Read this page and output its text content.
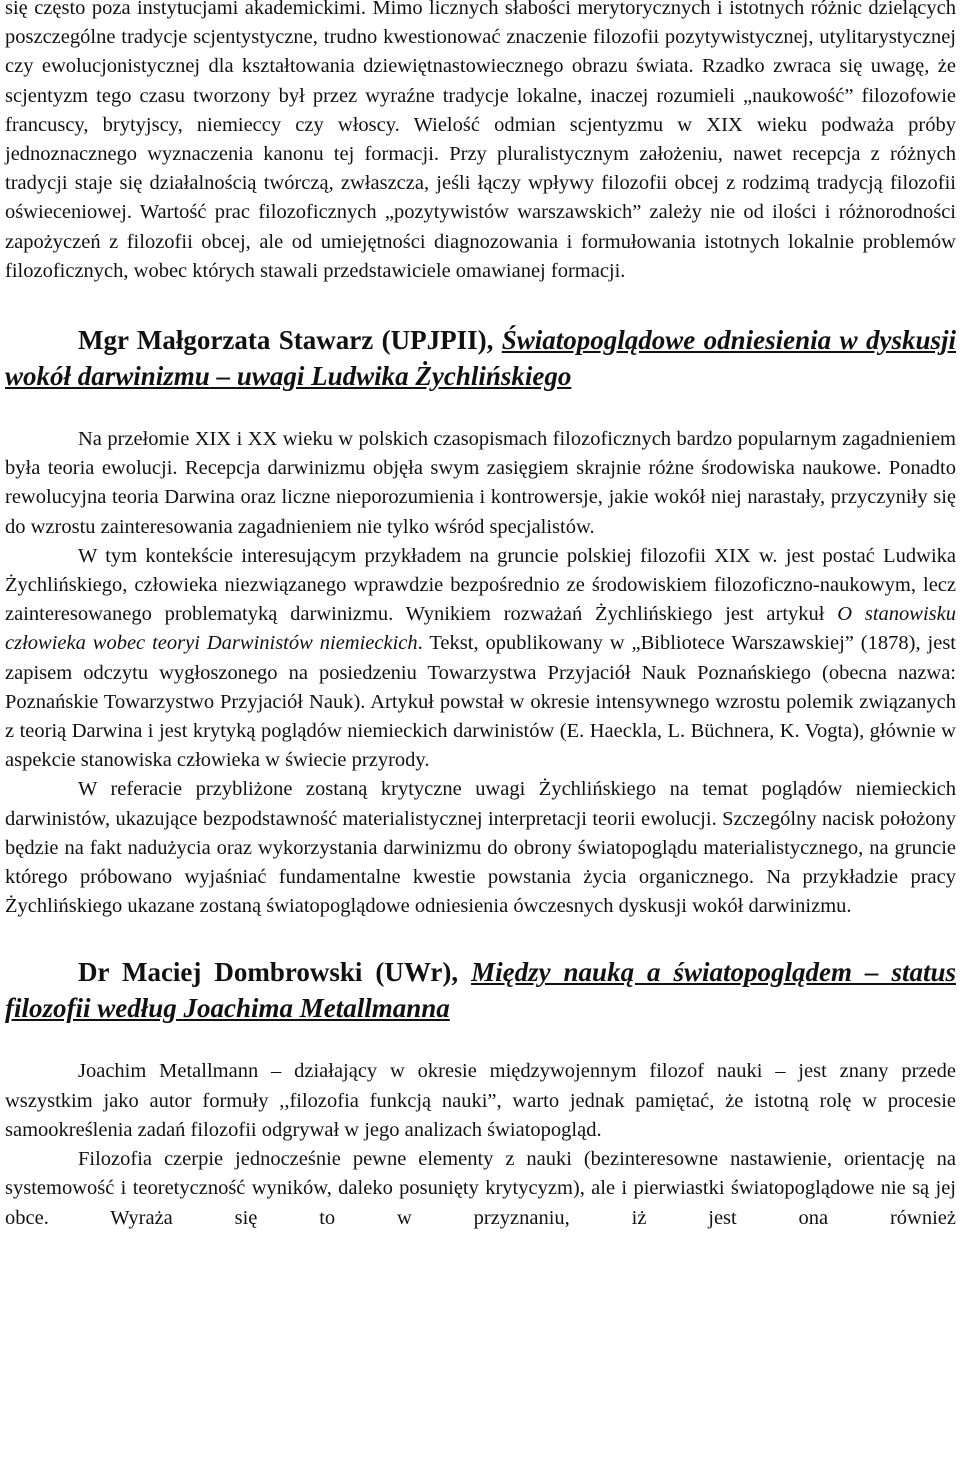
się często poza instytucjami akademickimi. Mimo licznych słabości merytorycznych i istotnych różnic dzielących poszczególne tradycje scjentystyczne, trudno kwestionować znaczenie filozofii pozytywistycznej, utylitarystycznej czy ewolucjonistycznej dla kształtowania dziewiętnastowiecznego obrazu świata. Rzadko zwraca się uwagę, że scjentyzm tego czasu tworzony był przez wyraźne tradycje lokalne, inaczej rozumieli „naukowość” filozofowie francuscy, brytyjscy, niemieccy czy włoscy. Wielość odmian scjentyzmu w XIX wieku podważa próby jednoznacznego wyznaczenia kanonu tej formacji. Przy pluralistycznym założeniu, nawet recepcja z różnych tradycji staje się działalnością twórczą, zwłaszcza, jeśli łączy wpływy filozofii obcej z rodzimą tradycją filozofii oświeceniowej. Wartość prac filozoficznych „pozytywistów warszawskich” zależy nie od ilości i różnorodności zapożyczeń z filozofii obcej, ale od umiejętności diagnozowania i formułowania istotnych lokalnie problemów filozoficznych, wobec których stawali przedstawiciele omawianej formacji.

Mgr Małgorzata Stawarz (UPJPII), Światopoglądowe odniesienia w dyskusji wokół darwinizmu – uwagi Ludwika Żychlińskiego

Na przełomie XIX i XX wieku w polskich czasopismach filozoficznych bardzo popularnym zagadnieniem była teoria ewolucji. Recepcja darwinizmu objęła swym zasięgiem skrajnie różne środowiska naukowe. Ponadto rewolucyjna teoria Darwina oraz liczne nieporozumienia i kontrowersje, jakie wokół niej narastały, przyczyniły się do wzrostu zainteresowania zagadnieniem nie tylko wśród specjalistów.

W tym kontekście interesującym przykładem na gruncie polskiej filozofii XIX w. jest postać Ludwika Żychlińskiego, człowieka niezwiązanego wprawdzie bezpośrednio ze środowiskiem filozoficzno-naukowym, lecz zainteresowanego problematyką darwinizmu. Wynikiem rozważań Żychlińskiego jest artykuł O stanowisku człowieka wobec teoryi Darwinistów niemieckich. Tekst, opublikowany w „Bibliotece Warszawskiej” (1878), jest zapisem odczytu wygłoszonego na posiedzeniu Towarzystwa Przyjaciół Nauk Poznańskiego (obecna nazwa: Poznańskie Towarzystwo Przyjaciół Nauk). Artykuł powstał w okresie intensywnego wzrostu polemik związanych z teorią Darwina i jest krytyką poglądów niemieckich darwinistów (E. Haeckla, L. Büchnera, K. Vogta), głównie w aspekcie stanowiska człowieka w świecie przyrody.

W referacie przybliżone zostaną krytyczne uwagi Żychlińskiego na temat poglądów niemieckich darwinistów, ukazujące bezpodstawność materialistycznej interpretacji teorii ewolucji. Szczególny nacisk położony będzie na fakt nadużycia oraz wykorzystania darwinizmu do obrony światopoglądu materialistycznego, na gruncie którego próbowano wyjaśniać fundamentalne kwestie powstania życia organicznego. Na przykładzie pracy Żychlińskiego ukazane zostaną światopoglądowe odniesienia ówczesnych dyskusji wokół darwinizmu.

Dr Maciej Dombrowski (UWr), Między nauką a światopoglądem – status filozofii według Joachima Metallmanna

Joachim Metallmann – działający w okresie międzywojennym filozof nauki – jest znany przede wszystkim jako autor formuły ,,filozofia funkcją nauki”, warto jednak pamiętać, że istotną rolę w procesie samookreślenia zadań filozofii odgrywał w jego analizach światopogląd.

Filozofia czerpie jednocześnie pewne elementy z nauki (bezinteresowne nastawienie, orientację na systemowość i teoretyczność wyników, daleko posunięty krytycyzm), ale i pierwiastki światopoglądowe nie są jej obce. Wyraża się to w przyznaniu, iż jest ona również
